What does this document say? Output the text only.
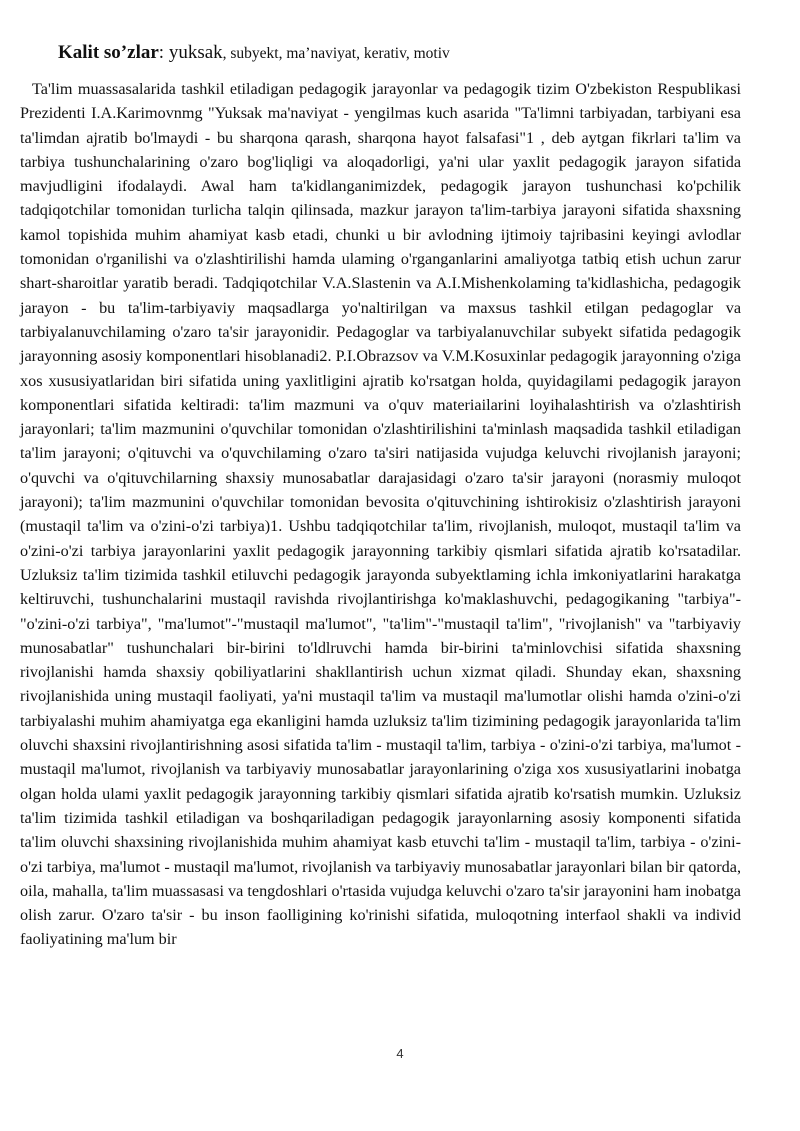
Kalit so’zlar: yuksak, subyekt, ma’naviyat, kerativ, motiv

Ta'lim muassasalarida tashkil etiladigan pedagogik jarayonlar va pedagogik tizim O'zbekiston Respublikasi Prezidenti I.A.Karimovnmg "Yuksak ma'naviyat - yengilmas kuch asarida "Ta'limni tarbiyadan, tarbiyani esa ta'limdan ajratib bo'lmaydi - bu sharqona qarash, sharqona hayot falsafasi"1 , deb aytgan fikrlari ta'lim va tarbiya tushunchalarining o'zaro bog'liqligi va aloqadorligi, ya'ni ular yaxlit pedagogik jarayon sifatida mavjudligini ifodalaydi. Awal ham ta'kidlanganimizdek, pedagogik jarayon tushunchasi ko'pchilik tadqiqotchilar tomonidan turlicha talqin qilinsada, mazkur jarayon ta'lim-tarbiya jarayoni sifatida shaxsning kamol topishida muhim ahamiyat kasb etadi, chunki u bir avlodning ijtimoiy tajribasini keyingi avlodlar tomonidan o'rganilishi va o'zlashtirilishi hamda ulaming o'rganganlarini amaliyotga tatbiq etish uchun zarur shart-sharoitlar yaratib beradi. Tadqiqotchilar V.A.Slastenin va A.I.Mishenkolaming ta'kidlashicha, pedagogik jarayon - bu ta'lim-tarbiyaviy maqsadlarga yo'naltirilgan va maxsus tashkil etilgan pedagoglar va tarbiyalanuvchilaming o'zaro ta'sir jarayonidir. Pedagoglar va tarbiyalanuvchilar subyekt sifatida pedagogik jarayonning asosiy komponentlari hisoblanadi2. P.I.Obrazsov va V.M.Kosuxinlar pedagogik jarayonning o'ziga xos xususiyatlaridan biri sifatida uning yaxlitligini ajratib ko'rsatgan holda, quyidagilami pedagogik jarayon komponentlari sifatida keltiradi: ta'lim mazmuni va o'quv materiailarini loyihalashtirish va o'zlashtirish jarayonlari; ta'lim mazmunini o'quvchilar tomonidan o'zlashtirilishini ta'minlash maqsadida tashkil etiladigan ta'lim jarayoni; o'qituvchi va o'quvchilaming o'zaro ta'siri natijasida vujudga keluvchi rivojlanish jarayoni; o'quvchi va o'qituvchilarning shaxsiy munosabatlar darajasidagi o'zaro ta'sir jarayoni (norasmiy muloqot jarayoni); ta'lim mazmunini o'quvchilar tomonidan bevosita o'qituvchining ishtirokisiz o'zlashtirish jarayoni (mustaqil ta'lim va o'zini-o'zi tarbiya)1. Ushbu tadqiqotchilar ta'lim, rivojlanish, muloqot, mustaqil ta'lim va o'zini-o'zi tarbiya jarayonlarini yaxlit pedagogik jarayonning tarkibiy qismlari sifatida ajratib ko'rsatadilar. Uzluksiz ta'lim tizimida tashkil etiluvchi pedagogik jarayonda subyektlaming ichla imkoniyatlarini harakatga keltiruvchi, tushunchalarini mustaqil ravishda rivojlantirishga ko'maklashuvchi, pedagogikaning "tarbiya"- "o'zini-o'zi tarbiya", "ma'lumot"-"mustaqil ma'lumot", "ta'lim"-"mustaqil ta'lim", "rivojlanish" va "tarbiyaviy munosabatlar" tushunchalari bir-birini to'ldlruvchi hamda bir-birini ta'minlovchisi sifatida shaxsning rivojlanishi hamda shaxsiy qobiliyatlarini shakllantirish uchun xizmat qiladi. Shunday ekan, shaxsning rivojlanishida uning mustaqil faoliyati, ya'ni mustaqil ta'lim va mustaqil ma'lumotlar olishi hamda o'zini-o'zi tarbiyalashi muhim ahamiyatga ega ekanligini hamda uzluksiz ta'lim tizimining pedagogik jarayonlarida ta'lim oluvchi shaxsini rivojlantirishning asosi sifatida ta'lim - mustaqil ta'lim, tarbiya - o'zini-o'zi tarbiya, ma'lumot - mustaqil ma'lumot, rivojlanish va tarbiyaviy munosabatlar jarayonlarining o'ziga xos xususiyatlarini inobatga olgan holda ulami yaxlit pedagogik jarayonning tarkibiy qismlari sifatida ajratib ko'rsatish mumkin. Uzluksiz ta'lim tizimida tashkil etiladigan va boshqariladigan pedagogik jarayonlarning asosiy komponenti sifatida ta'lim oluvchi shaxsining rivojlanishida muhim ahamiyat kasb etuvchi ta'lim - mustaqil ta'lim, tarbiya - o'zini-o'zi tarbiya, ma'lumot - mustaqil ma'lumot, rivojlanish va tarbiyaviy munosabatlar jarayonlari bilan bir qatorda, oila, mahalla, ta'lim muassasasi va tengdoshlari o'rtasida vujudga keluvchi o'zaro ta'sir jarayonini ham inobatga olish zarur. O'zaro ta'sir - bu inson faolligining ko'rinishi sifatida, muloqotning interfaol shakli va individ faoliyatining ma'lum bir

4
